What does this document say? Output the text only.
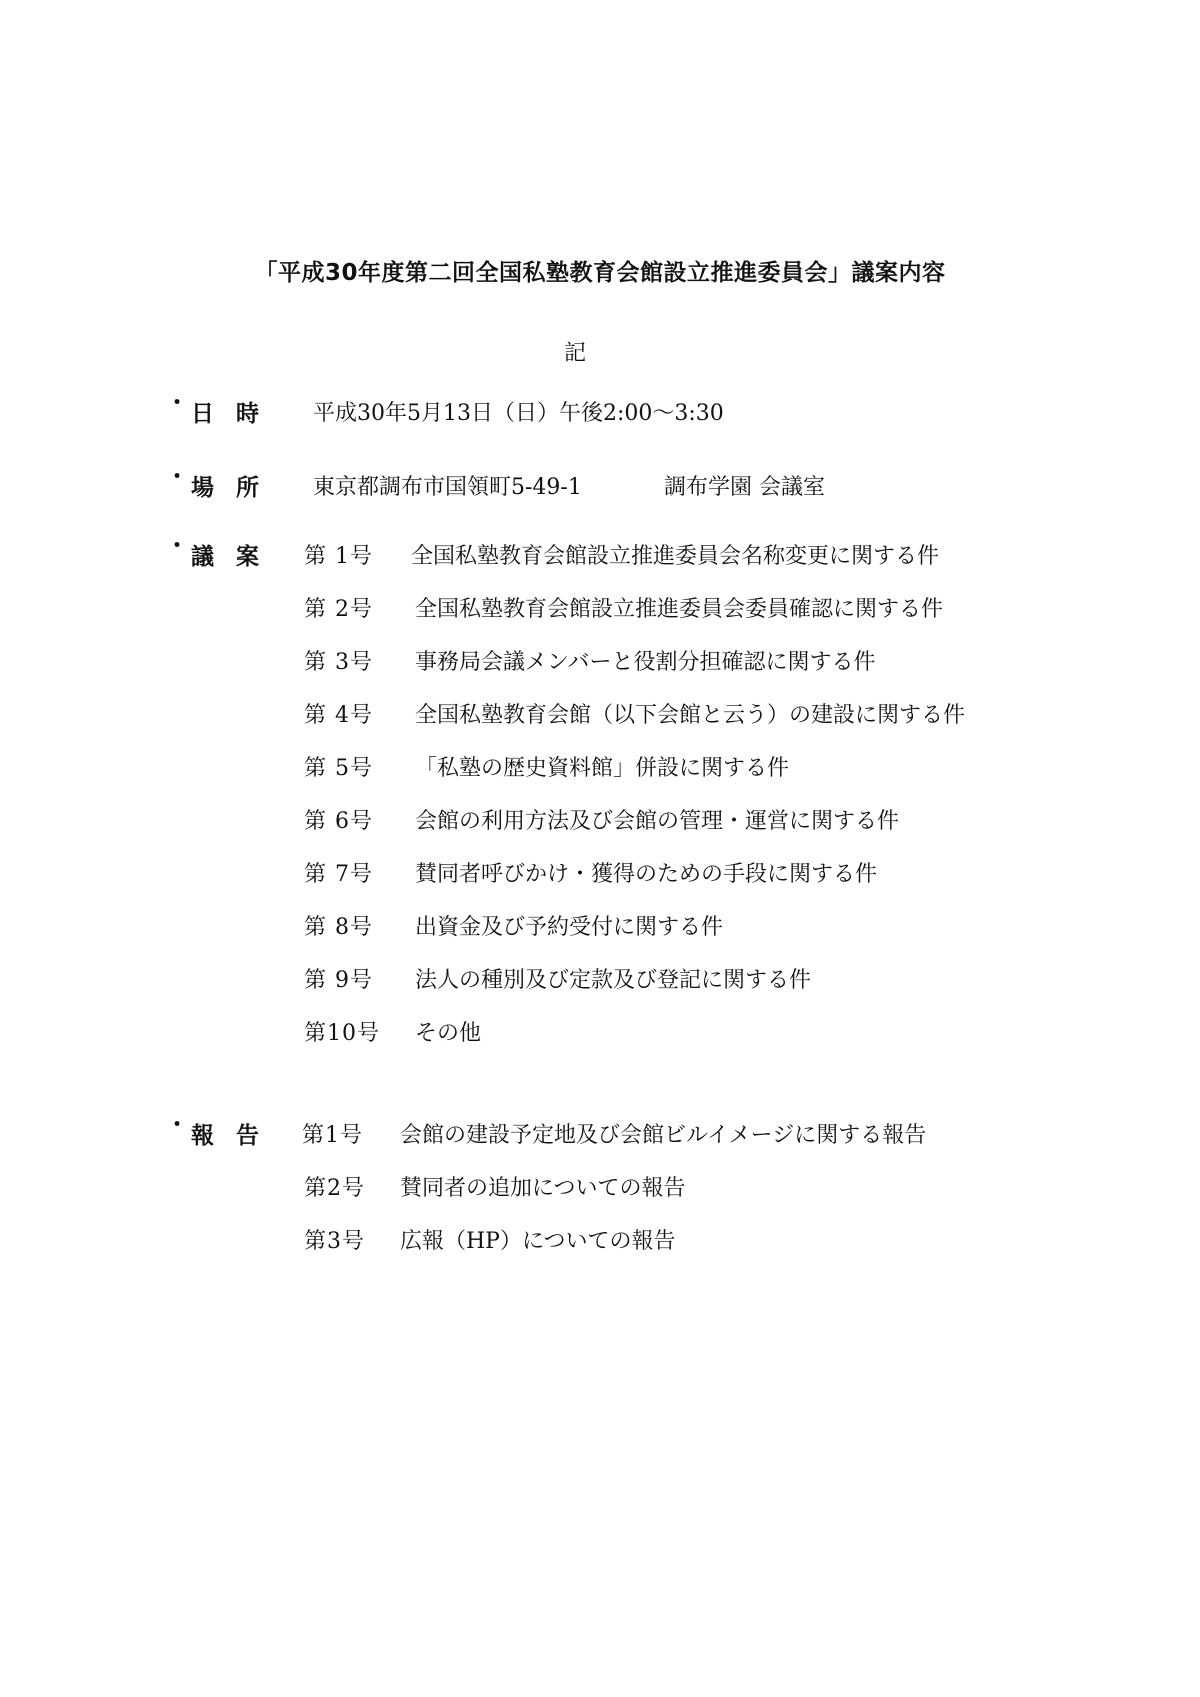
「平成30年度第二回全国私塾教育会館設立推進委員会」議案内容
記
・ 日時 平成30年5月13日（日）午後2:00〜3:30
・ 場所 東京都調布市国領町5-49-1	調布学園 会議室
・ 議案 第 1号 全国私塾教育会館設立推進委員会名称変更に関する件
第 2号 全国私塾教育会館設立推進委員会委員確認に関する件
第 3号 事務局会議メンバーと役割分担確認に関する件
第 4号 全国私塾教育会館（以下会館と云う）の建設に関する件
第 5号 「私塾の歴史資料館」併設に関する件
第 6号 会館の利用方法及び会館の管理・運営に関する件
第 7号 賛同者呼びかけ・獲得のための手段に関する件
第 8号 出資金及び予約受付に関する件
第 9号 法人の種別及び定款及び登記に関する件
第10号 その他
・ 報告 第1号 会館の建設予定地及び会館ビルイメージに関する報告
第2号 賛同者の追加についての報告
第3号 広報（HP）についての報告
